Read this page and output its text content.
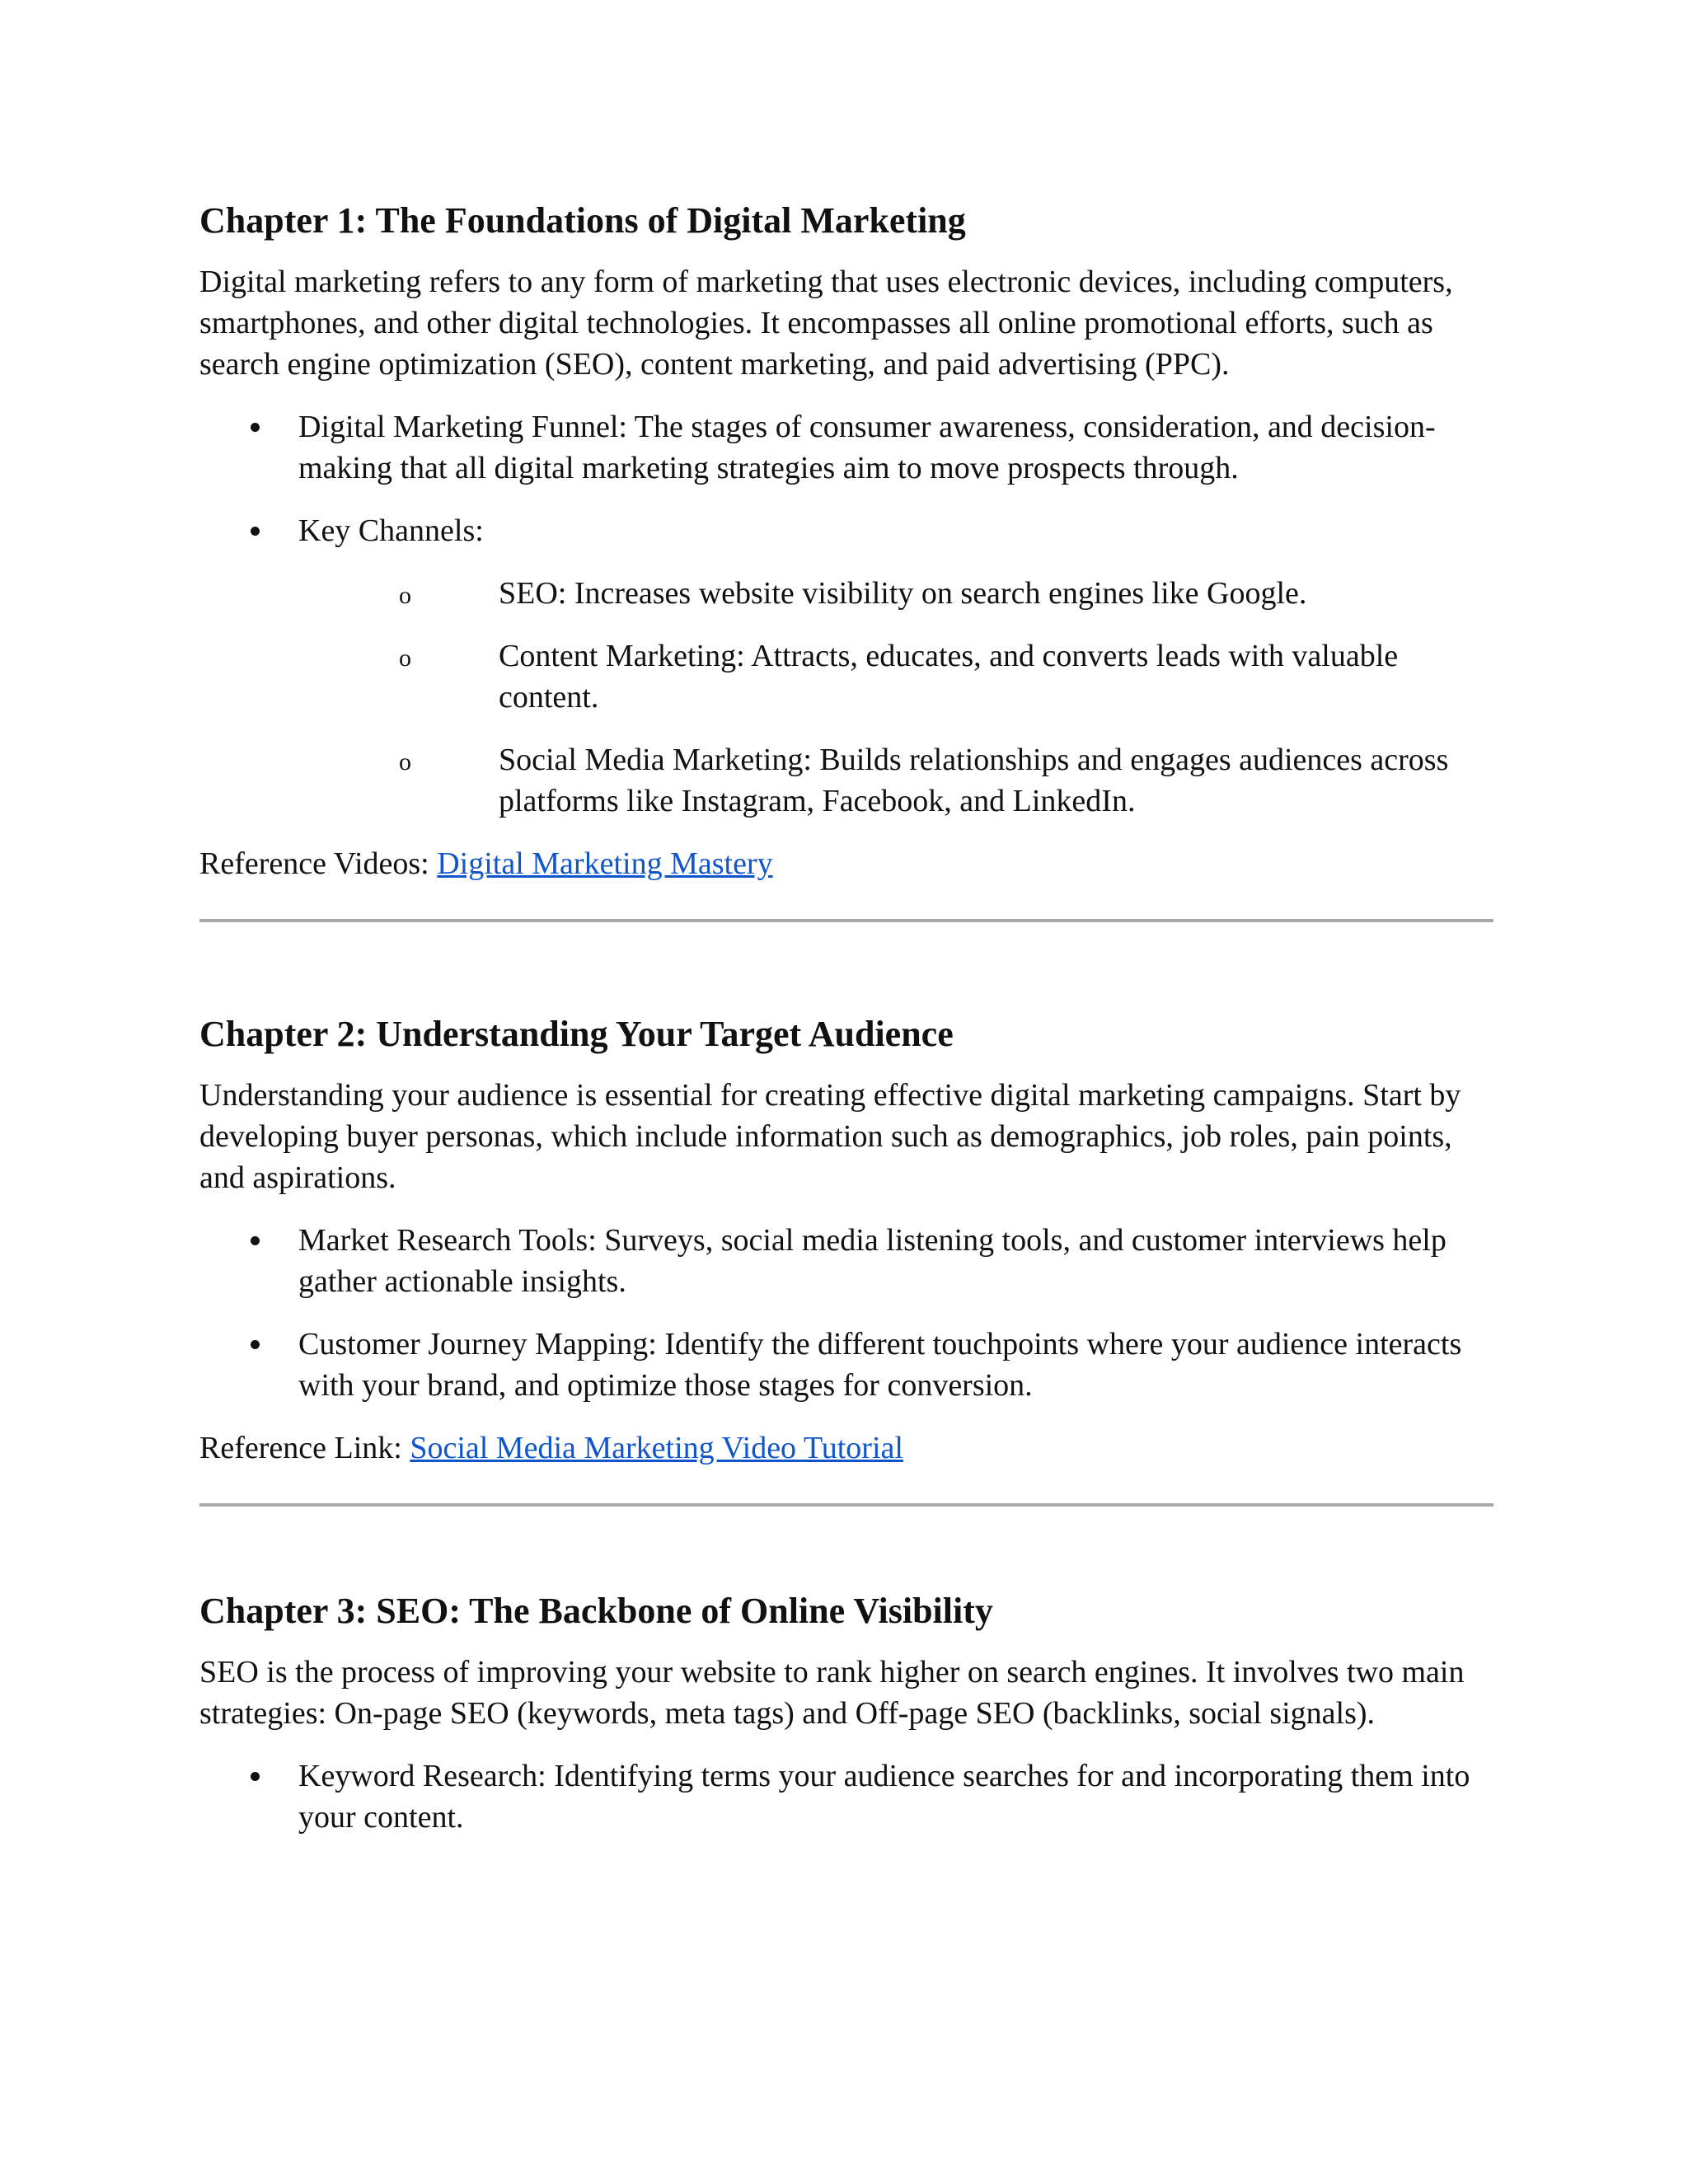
Chapter 1: The Foundations of Digital Marketing

Digital marketing refers to any form of marketing that uses electronic devices, including computers, smartphones, and other digital technologies. It encompasses all online promotional efforts, such as search engine optimization (SEO), content marketing, and paid advertising (PPC).

Digital Marketing Funnel: The stages of consumer awareness, consideration, and decision-making that all digital marketing strategies aim to move prospects through.
Key Channels:
o	SEO: Increases website visibility on search engines like Google.
o	Content Marketing: Attracts, educates, and converts leads with valuable content.
o	Social Media Marketing: Builds relationships and engages audiences across platforms like Instagram, Facebook, and LinkedIn.

Reference Videos: Digital Marketing Mastery

Chapter 2: Understanding Your Target Audience

Understanding your audience is essential for creating effective digital marketing campaigns. Start by developing buyer personas, which include information such as demographics, job roles, pain points, and aspirations.

Market Research Tools: Surveys, social media listening tools, and customer interviews help gather actionable insights.
Customer Journey Mapping: Identify the different touchpoints where your audience interacts with your brand, and optimize those stages for conversion.

Reference Link: Social Media Marketing Video Tutorial

Chapter 3: SEO: The Backbone of Online Visibility

SEO is the process of improving your website to rank higher on search engines. It involves two main strategies: On-page SEO (keywords, meta tags) and Off-page SEO (backlinks, social signals).

Keyword Research: Identifying terms your audience searches for and incorporating them into your content.
